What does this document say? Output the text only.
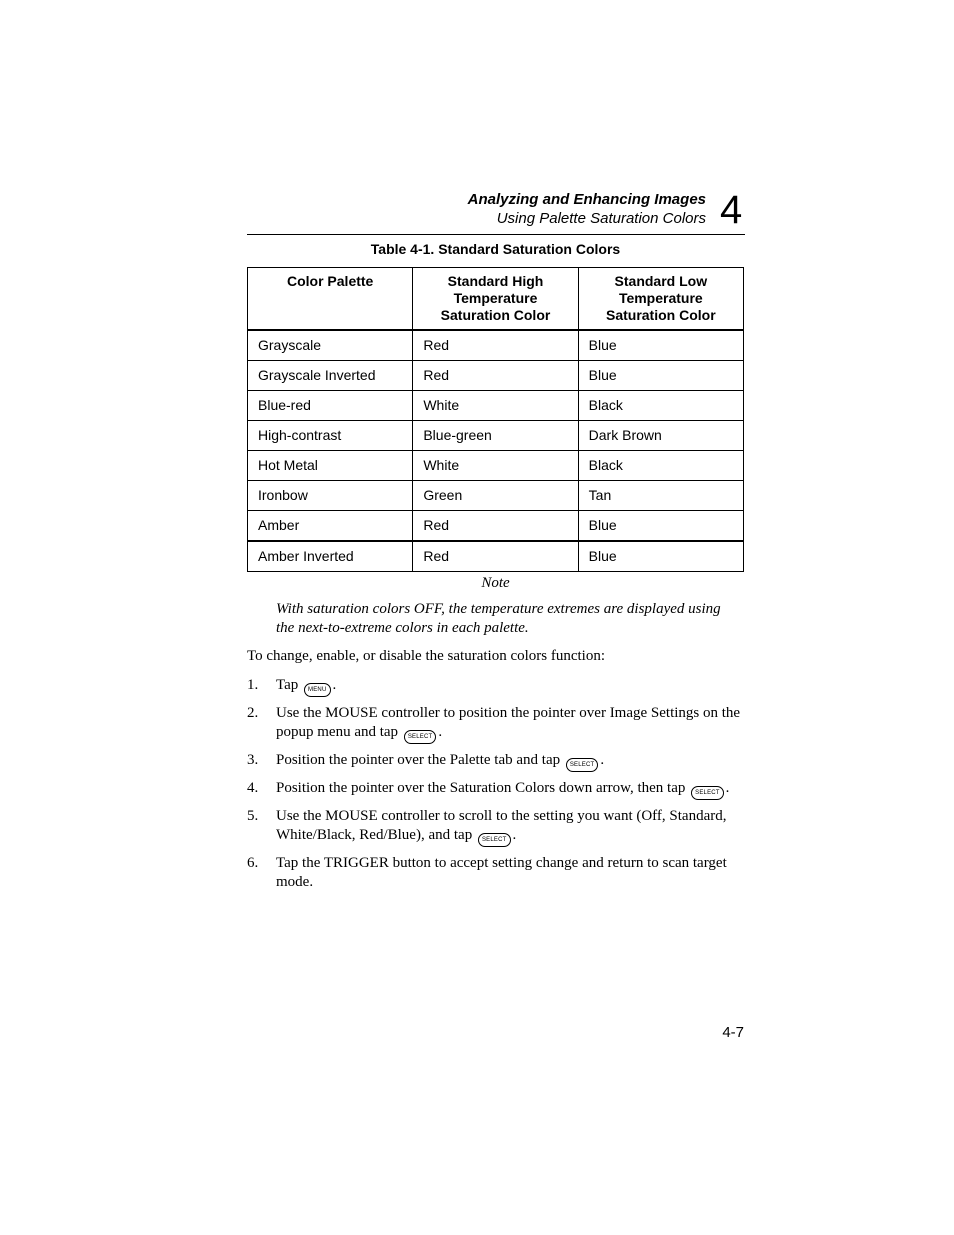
Analyzing and Enhancing Images
Using Palette Saturation Colors 4
Table 4-1. Standard Saturation Colors
Color Palette	Standard High Temperature Saturation Color	Standard Low Temperature Saturation Color
Grayscale	Red	Blue
Grayscale Inverted	Red	Blue
Blue-red	White	Black
High-contrast	Blue-green	Dark Brown
Hot Metal	White	Black
Ironbow	Green	Tan
Amber	Red	Blue
Amber Inverted	Red	Blue
Note
With saturation colors OFF, the temperature extremes are displayed using the next-to-extreme colors in each palette.
To change, enable, or disable the saturation colors function:
1. Tap MENU .
2. Use the MOUSE controller to position the pointer over Image Settings on the popup menu and tap SELECT .
3. Position the pointer over the Palette tab and tap SELECT .
4. Position the pointer over the Saturation Colors down arrow, then tap SELECT .
5. Use the MOUSE controller to scroll to the setting you want (Off, Standard, White/Black, Red/Blue), and tap SELECT .
6. Tap the TRIGGER button to accept setting change and return to scan target mode.
4-7
